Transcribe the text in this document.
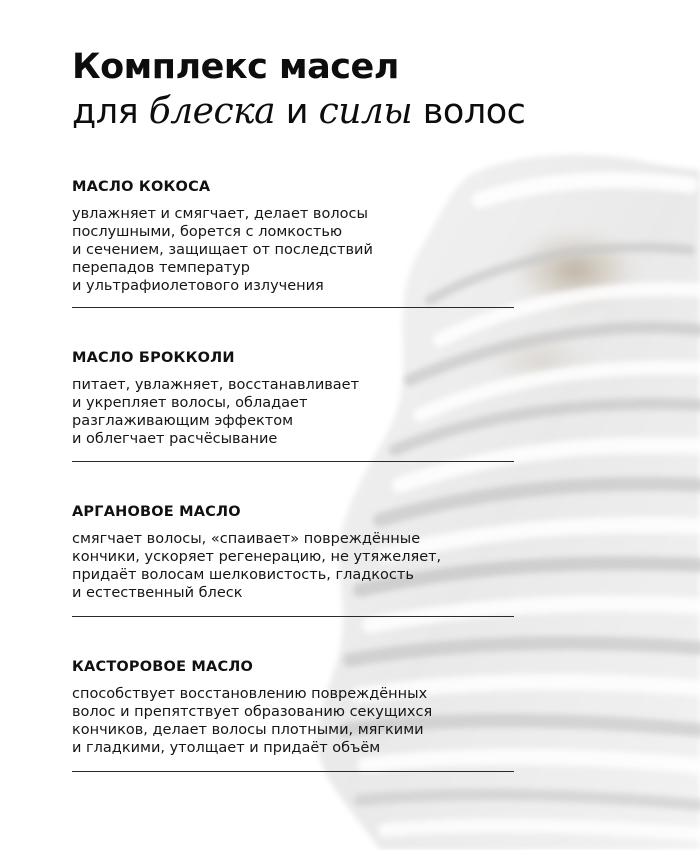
Комплекс масел
для блеска и силы волос
МАСЛО КОКОСА
увлажняет и смягчает, делает волосы
послушными, борется с ломкостью
и сечением, защищает от последствий
перепадов температур
и ультрафиолетового излучения
МАСЛО БРОККОЛИ
питает, увлажняет, восстанавливает
и укрепляет волосы, обладает
разглаживающим эффектом
и облегчает расчёсывание
АРГАНОВОЕ МАСЛО
смягчает волосы, «спаивает» повреждённые
кончики, ускоряет регенерацию, не утяжеляет,
придаёт волосам шелковистость, гладкость
и естественный блеск
КАСТОРОВОЕ МАСЛО
способствует восстановлению повреждённых
волос и препятствует образованию секущихся
кончиков, делает волосы плотными, мягкими
и гладкими, утолщает и придаёт объём
